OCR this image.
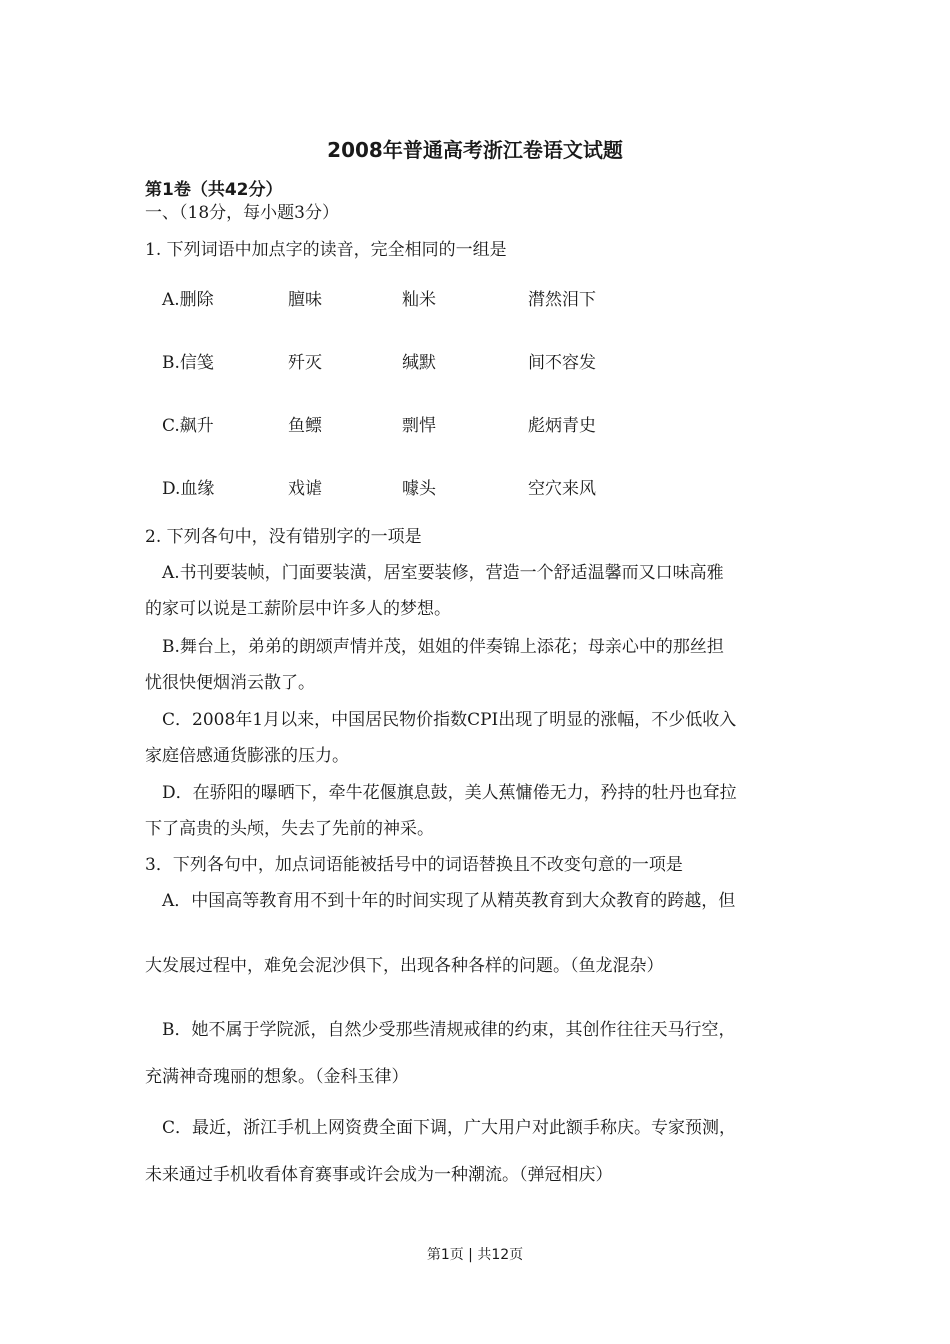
2008年普通高考浙江卷语文试题
第1卷（共42分）
一、（18分，每小题3分）
1. 下列词语中加点字的读音，完全相同的一组是
A.删除	膻味	籼米	潸然泪下
B.信笺	歼灭	缄默	间不容发
C.飙升	鱼鳔	剽悍	彪炳青史
D.血缘	戏谑	噱头	空穴来风
2. 下列各句中，没有错别字的一项是
A.书刊要装帧，门面要装潢，居室要装修，营造一个舒适温馨而又口味高雅
的家可以说是工薪阶层中许多人的梦想。
B.舞台上，弟弟的朗颂声情并茂，姐姐的伴奏锦上添花；母亲心中的那丝担
忧很快便烟消云散了。
C．2008年1月以来，中国居民物价指数CPI出现了明显的涨幅，不少低收入
家庭倍感通货膨涨的压力。
D．在骄阳的曝晒下，牵牛花偃旗息鼓，美人蕉慵倦无力，矜持的牡丹也耷拉
下了高贵的头颅，失去了先前的神采。
3．下列各句中，加点词语能被括号中的词语替换且不改变句意的一项是
A．中国高等教育用不到十年的时间实现了从精英教育到大众教育的跨越，但
大发展过程中，难免会泥沙俱下，出现各种各样的问题。（鱼龙混杂）
B．她不属于学院派，自然少受那些清规戒律的约束，其创作往往天马行空，
充满神奇瑰丽的想象。（金科玉律）
C．最近，浙江手机上网资费全面下调，广大用户对此额手称庆。专家预测，
未来通过手机收看体育赛事或许会成为一种潮流。（弹冠相庆）
第1页 | 共12页
